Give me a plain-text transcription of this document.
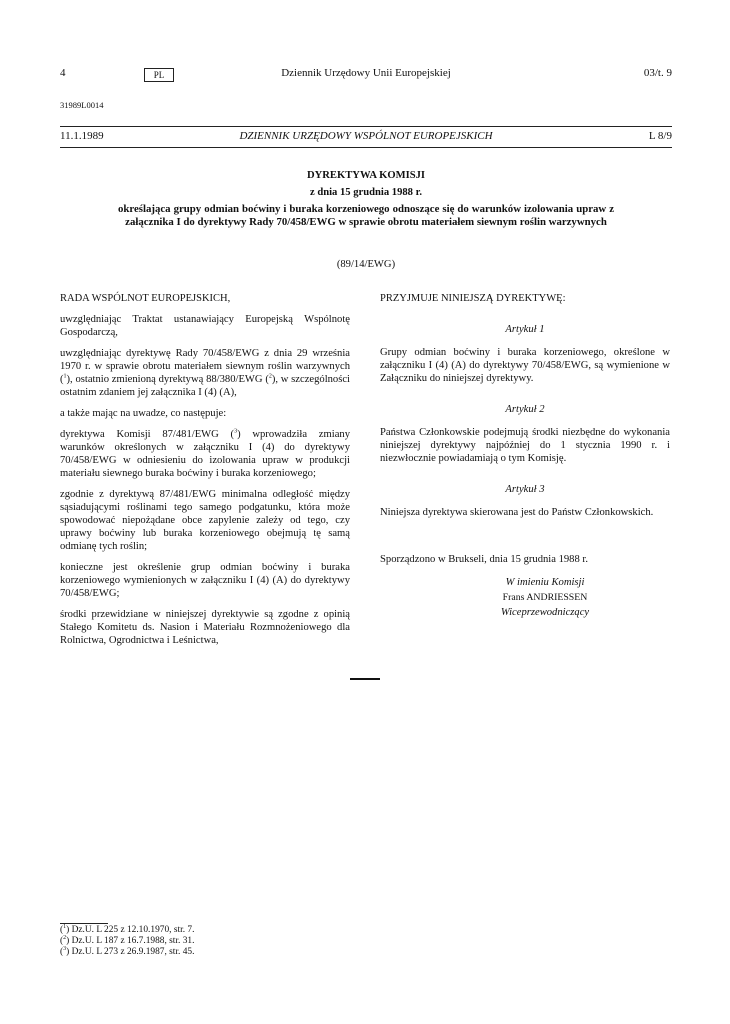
4	PL	Dziennik Urzędowy Unii Europejskiej	03/t. 9
31989L0014
11.1.1989	DZIENNIK URZĘDOWY WSPÓLNOT EUROPEJSKICH	L 8/9
DYREKTYWA KOMISJI
z dnia 15 grudnia 1988 r.
określająca grupy odmian boćwiny i buraka korzeniowego odnoszące się do warunków izolowania upraw z załącznika I do dyrektywy Rady 70/458/EWG w sprawie obrotu materiałem siewnym roślin warzywnych
(89/14/EWG)

RADA WSPÓLNOT EUROPEJSKICH,

uwzględniając Traktat ustanawiający Europejską Wspólnotę Gospodarczą,

uwzględniając dyrektywę Rady 70/458/EWG z dnia 29 września 1970 r. w sprawie obrotu materiałem siewnym roślin warzywnych ($^1$), ostatnio zmienioną dyrektywą 88/380/EWG ($^2$), w szczególności ostatnim zdaniem jej załącznika I (4) (A),

a także mając na uwadze, co następuje:

dyrektywa Komisji 87/481/EWG ($^3$) wprowadziła zmiany warunków określonych w załączniku I (4) do dyrektywy 70/458/EWG w odniesieniu do izolowania upraw w produkcji materiału siewnego buraka boćwiny i buraka korzeniowego;

zgodnie z dyrektywą 87/481/EWG minimalna odległość między sąsiadującymi roślinami tego samego podgatunku, która może spowodować niepożądane obce zapylenie zależy od tego, czy uprawy boćwiny lub buraka korzeniowego obejmują tę samą odmianę tych roślin;

konieczne jest określenie grup odmian boćwiny i buraka korzeniowego wymienionych w załączniku I (4) (A) do dyrektywy 70/458/EWG;

środki przewidziane w niniejszej dyrektywie są zgodne z opinią Stałego Komitetu ds. Nasion i Materiału Rozmnożeniowego dla Rolnictwa, Ogrodnictwa i Leśnictwa,

PRZYJMUJE NINIEJSZĄ DYREKTYWĘ:

Artykuł 1

Grupy odmian boćwiny i buraka korzeniowego, określone w załączniku I (4) (A) do dyrektywy 70/458/EWG, są wymienione w Załączniku do niniejszej dyrektywy.

Artykuł 2

Państwa Członkowskie podejmują środki niezbędne do wykonania niniejszej dyrektywy najpóźniej do 1 stycznia 1990 r. i niezwłocznie powiadamiają o tym Komisję.

Artykuł 3

Niniejsza dyrektywa skierowana jest do Państw Członkowskich.

Sporządzono w Brukseli, dnia 15 grudnia 1988 r.

W imieniu Komisji

Frans ANDRIESSEN

Wiceprzewodniczący

($^1$) Dz.U. L 225 z 12.10.1970, str. 7.
($^2$) Dz.U. L 187 z 16.7.1988, str. 31.
($^3$) Dz.U. L 273 z 26.9.1987, str. 45.
